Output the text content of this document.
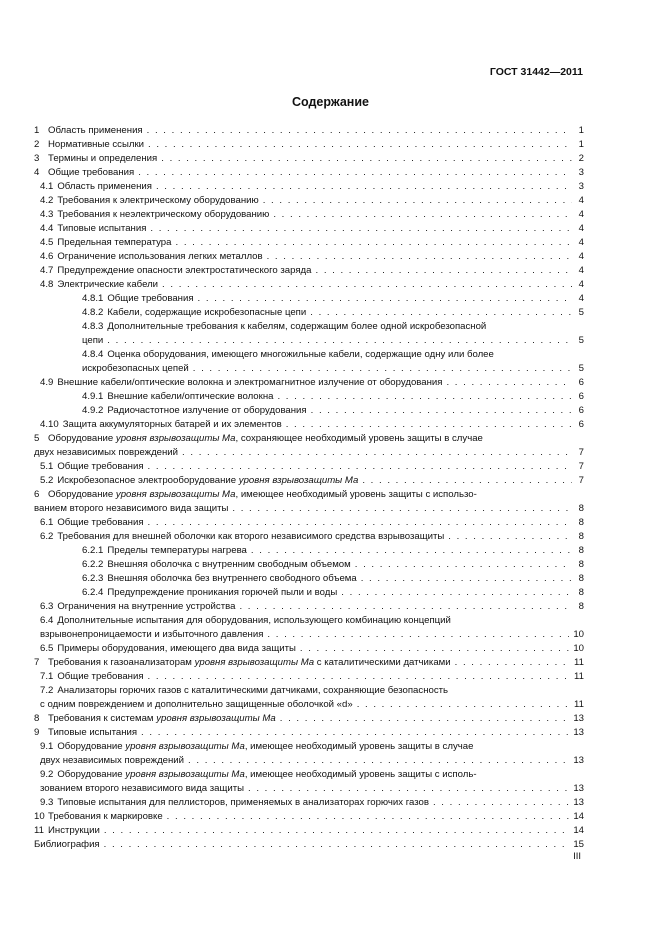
ГОСТ 31442—2011
Содержание
1 Область применения . . .	1
2 Нормативные ссылки . . .	1
3 Термины и определения . . .	2
4 Общие требования . . .	3
4.1 Область применения . . .	3
4.2 Требования к электрическому оборудованию . . .	4
4.3 Требования к неэлектрическому оборудованию . . .	4
4.4 Типовые испытания . . .	4
4.5 Предельная температура . . .	4
4.6 Ограничение использования легких металлов . . .	4
4.7 Предупреждение опасности электростатического заряда . . .	4
4.8 Электрические кабели . . .	4
4.8.1 Общие требования . . .	4
4.8.2 Кабели, содержащие искробезопасные цепи . . .	5
4.8.3 Дополнительные требования к кабелям, содержащим более одной искробезопасной
цепи . . .	5
4.8.4 Оценка оборудования, имеющего многожильные кабели, содержащие одну или более
искробезопасных цепей . . .	5
4.9 Внешние кабели/оптические волокна и электромагнитное излучение от оборудования . . .	6
4.9.1 Внешние кабели/оптические волокна . . .	6
4.9.2 Радиочастотное излучение от оборудования . . .	6
4.10 Защита аккумуляторных батарей и их элементов . . .	6
5 Оборудование уровня взрывозащиты Ма, сохраняющее необходимый уровень защиты в случае
двух независимых повреждений . . .	7
5.1 Общие требования . . .	7
5.2 Искробезопасное электрооборудование уровня взрывозащиты Ма . . .	7
6 Оборудование уровня взрывозащиты Ма, имеющее необходимый уровень защиты с использо-
ванием второго независимого вида защиты . . .	8
6.1 Общие требования . . .	8
6.2 Требования для внешней оболочки как второго независимого средства взрывозащиты . . .	8
6.2.1 Пределы температуры нагрева . . .	8
6.2.2 Внешняя оболочка с внутренним свободным объемом . . .	8
6.2.3 Внешняя оболочка без внутреннего свободного объема . . .	8
6.2.4 Предупреждение проникания горючей пыли и воды . . .	8
6.3 Ограничения на внутренние устройства . . .	8
6.4 Дополнительные испытания для оборудования, использующего комбинацию концепций
взрывонепроницаемости и избыточного давления . . .	10
6.5 Примеры оборудования, имеющего два вида защиты . . .	10
7 Требования к газоанализаторам уровня взрывозащиты Ма с каталитическими датчиками . . .	11
7.1 Общие требования . . .	11
7.2 Анализаторы горючих газов с каталитическими датчиками, сохраняющие безопасность
с одним повреждением и дополнительно защищенные оболочкой «d» . . .	11
8 Требования к системам уровня взрывозащиты Ма . . .	13
9 Типовые испытания . . .	13
9.1 Оборудование уровня взрывозащиты Ма, имеющее необходимый уровень защиты в случае
двух независимых повреждений . . .	13
9.2 Оборудование уровня взрывозащиты Ма, имеющее необходимый уровень защиты с исполь-
зованием второго независимого вида защиты . . .	13
9.3 Типовые испытания для пеллисторов, применяемых в анализаторах горючих газов . . .	13
10 Требования к маркировке . . .	14
11 Инструкции . . .	14
Библиография . . .	15
III
